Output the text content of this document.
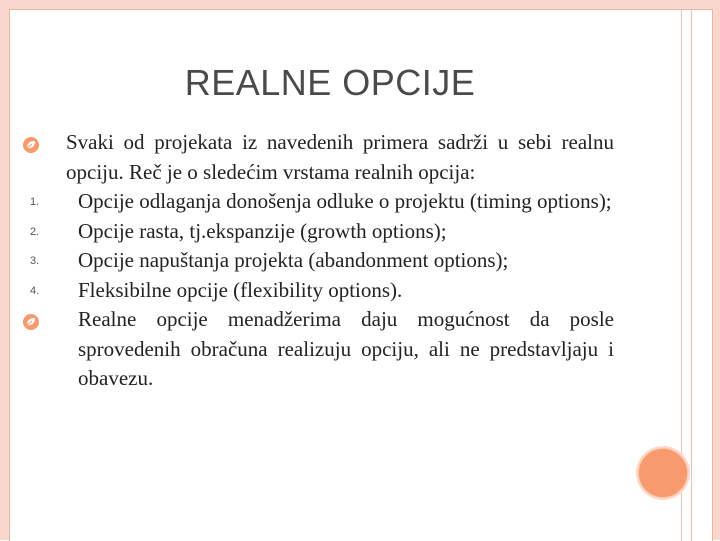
REALNE OPCIJE
Svaki od projekata iz navedenih primera sadrži u sebi realnu opciju. Reč je o sledećim vrstama realnih opcija:
1.	Opcije odlaganja donošenja odluke o projektu (timing options);
2.	Opcije rasta, tj.ekspanzije (growth options);
3.	Opcije napuštanja projekta (abandonment options);
4.	Fleksibilne opcije (flexibility options).
Realne opcije menadžerima daju mogućnost da posle sprovedenih obračuna realizuju opciju, ali ne predstavljaju i obavezu.
